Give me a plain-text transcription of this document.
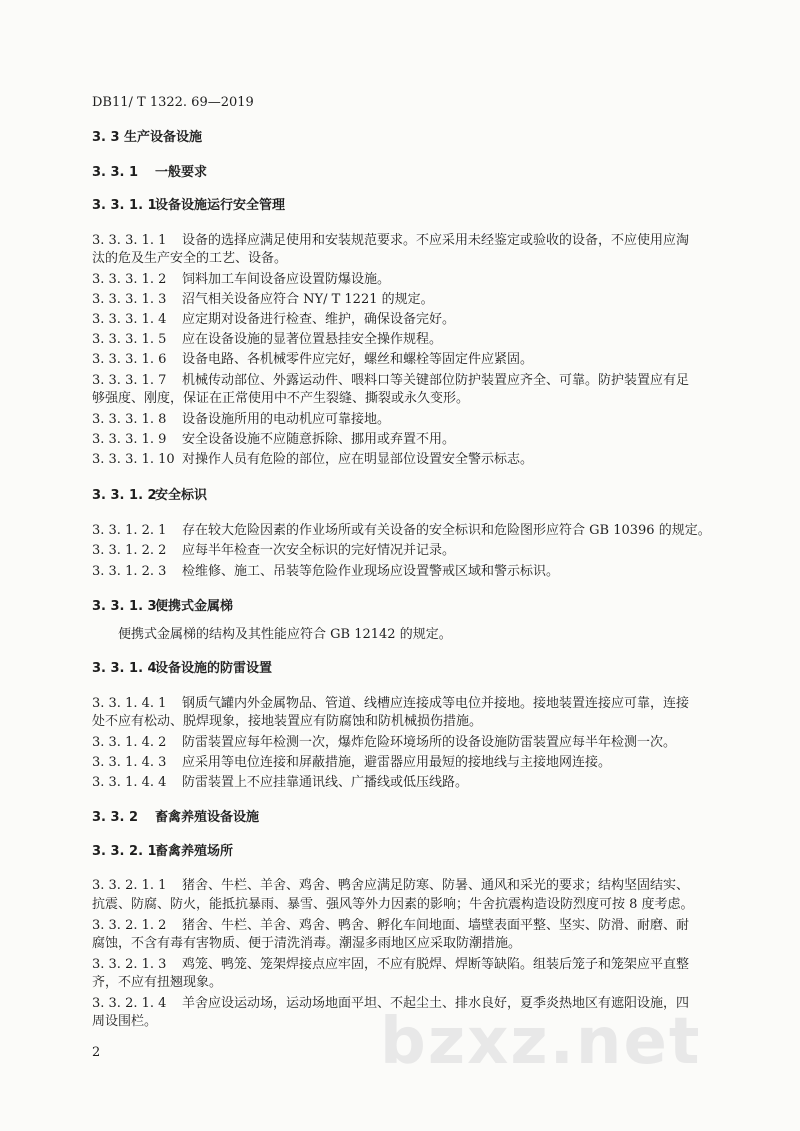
DB11/ T 1322. 69—2019
3. 3 生产设备设施
3. 3. 1 一般要求
3. 3. 1. 1
设备设施运行安全管理
3. 3. 3. 1. 1 设备的选择应满足使用和安装规范要求。不应采用未经鉴定或验收的设备，不应使用应淘
汰的危及生产安全的工艺、设备。
3. 3. 3. 1. 2 饲料加工车间设备应设置防爆设施。
3. 3. 3. 1. 3 沼气相关设备应符合 NY/ T 1221 的规定。
3. 3. 3. 1. 4 应定期对设备进行检查、维护，确保设备完好。
3. 3. 3. 1. 5 应在设备设施的显著位置悬挂安全操作规程。
3. 3. 3. 1. 6 设备电路、各机械零件应完好，螺丝和螺栓等固定件应紧固。
3. 3. 3. 1. 7 机械传动部位、外露运动件、喂料口等关键部位防护装置应齐全、可靠。防护装置应有足
够强度、刚度，保证在正常使用中不产生裂缝、撕裂或永久变形。
3. 3. 3. 1. 8 设备设施所用的电动机应可靠接地。
3. 3. 3. 1. 9 安全设备设施不应随意拆除、挪用或弃置不用。
3. 3. 3. 1. 10 对操作人员有危险的部位，应在明显部位设置安全警示标志。
3. 3. 1. 2
安全标识
3. 3. 1. 2. 1 存在较大危险因素的作业场所或有关设备的安全标识和危险图形应符合 GB 10396 的规定。
3. 3. 1. 2. 2 应每半年检查一次安全标识的完好情况并记录。
3. 3. 1. 2. 3 检维修、施工、吊装等危险作业现场应设置警戒区域和警示标识。
3. 3. 1. 3
便携式金属梯
便携式金属梯的结构及其性能应符合 GB 12142 的规定。
3. 3. 1. 4
设备设施的防雷设置
3. 3. 1. 4. 1 钢质气罐内外金属物品、管道、线槽应连接成等电位并接地。接地装置连接应可靠，连接
处不应有松动、脱焊现象，接地装置应有防腐蚀和防机械损伤措施。
3. 3. 1. 4. 2 防雷装置应每年检测一次，爆炸危险环境场所的设备设施防雷装置应每半年检测一次。
3. 3. 1. 4. 3 应采用等电位连接和屏蔽措施，避雷器应用最短的接地线与主接地网连接。
3. 3. 1. 4. 4 防雷装置上不应挂靠通讯线、广播线或低压线路。
3. 3. 2 畜禽养殖设备设施
3. 3. 2. 1
畜禽养殖场所
3. 3. 2. 1. 1 猪舍、牛栏、羊舍、鸡舍、鸭舍应满足防寒、防暑、通风和采光的要求；结构坚固结实、
抗震、防腐、防火，能抵抗暴雨、暴雪、强风等外力因素的影响；牛舍抗震构造设防烈度可按 8 度考虑。
3. 3. 2. 1. 2 猪舍、牛栏、羊舍、鸡舍、鸭舍、孵化车间地面、墙壁表面平整、坚实、防滑、耐磨、耐
腐蚀，不含有毒有害物质、便于清洗消毒。潮湿多雨地区应采取防潮措施。
3. 3. 2. 1. 3 鸡笼、鸭笼、笼架焊接点应牢固，不应有脱焊、焊断等缺陷。组装后笼子和笼架应平直整
齐，不应有扭翘现象。
3. 3. 2. 1. 4 羊舍应设运动场，运动场地面平坦、不起尘土、排水良好，夏季炎热地区有遮阳设施，四
周设围栏。	bzxz.net
2
